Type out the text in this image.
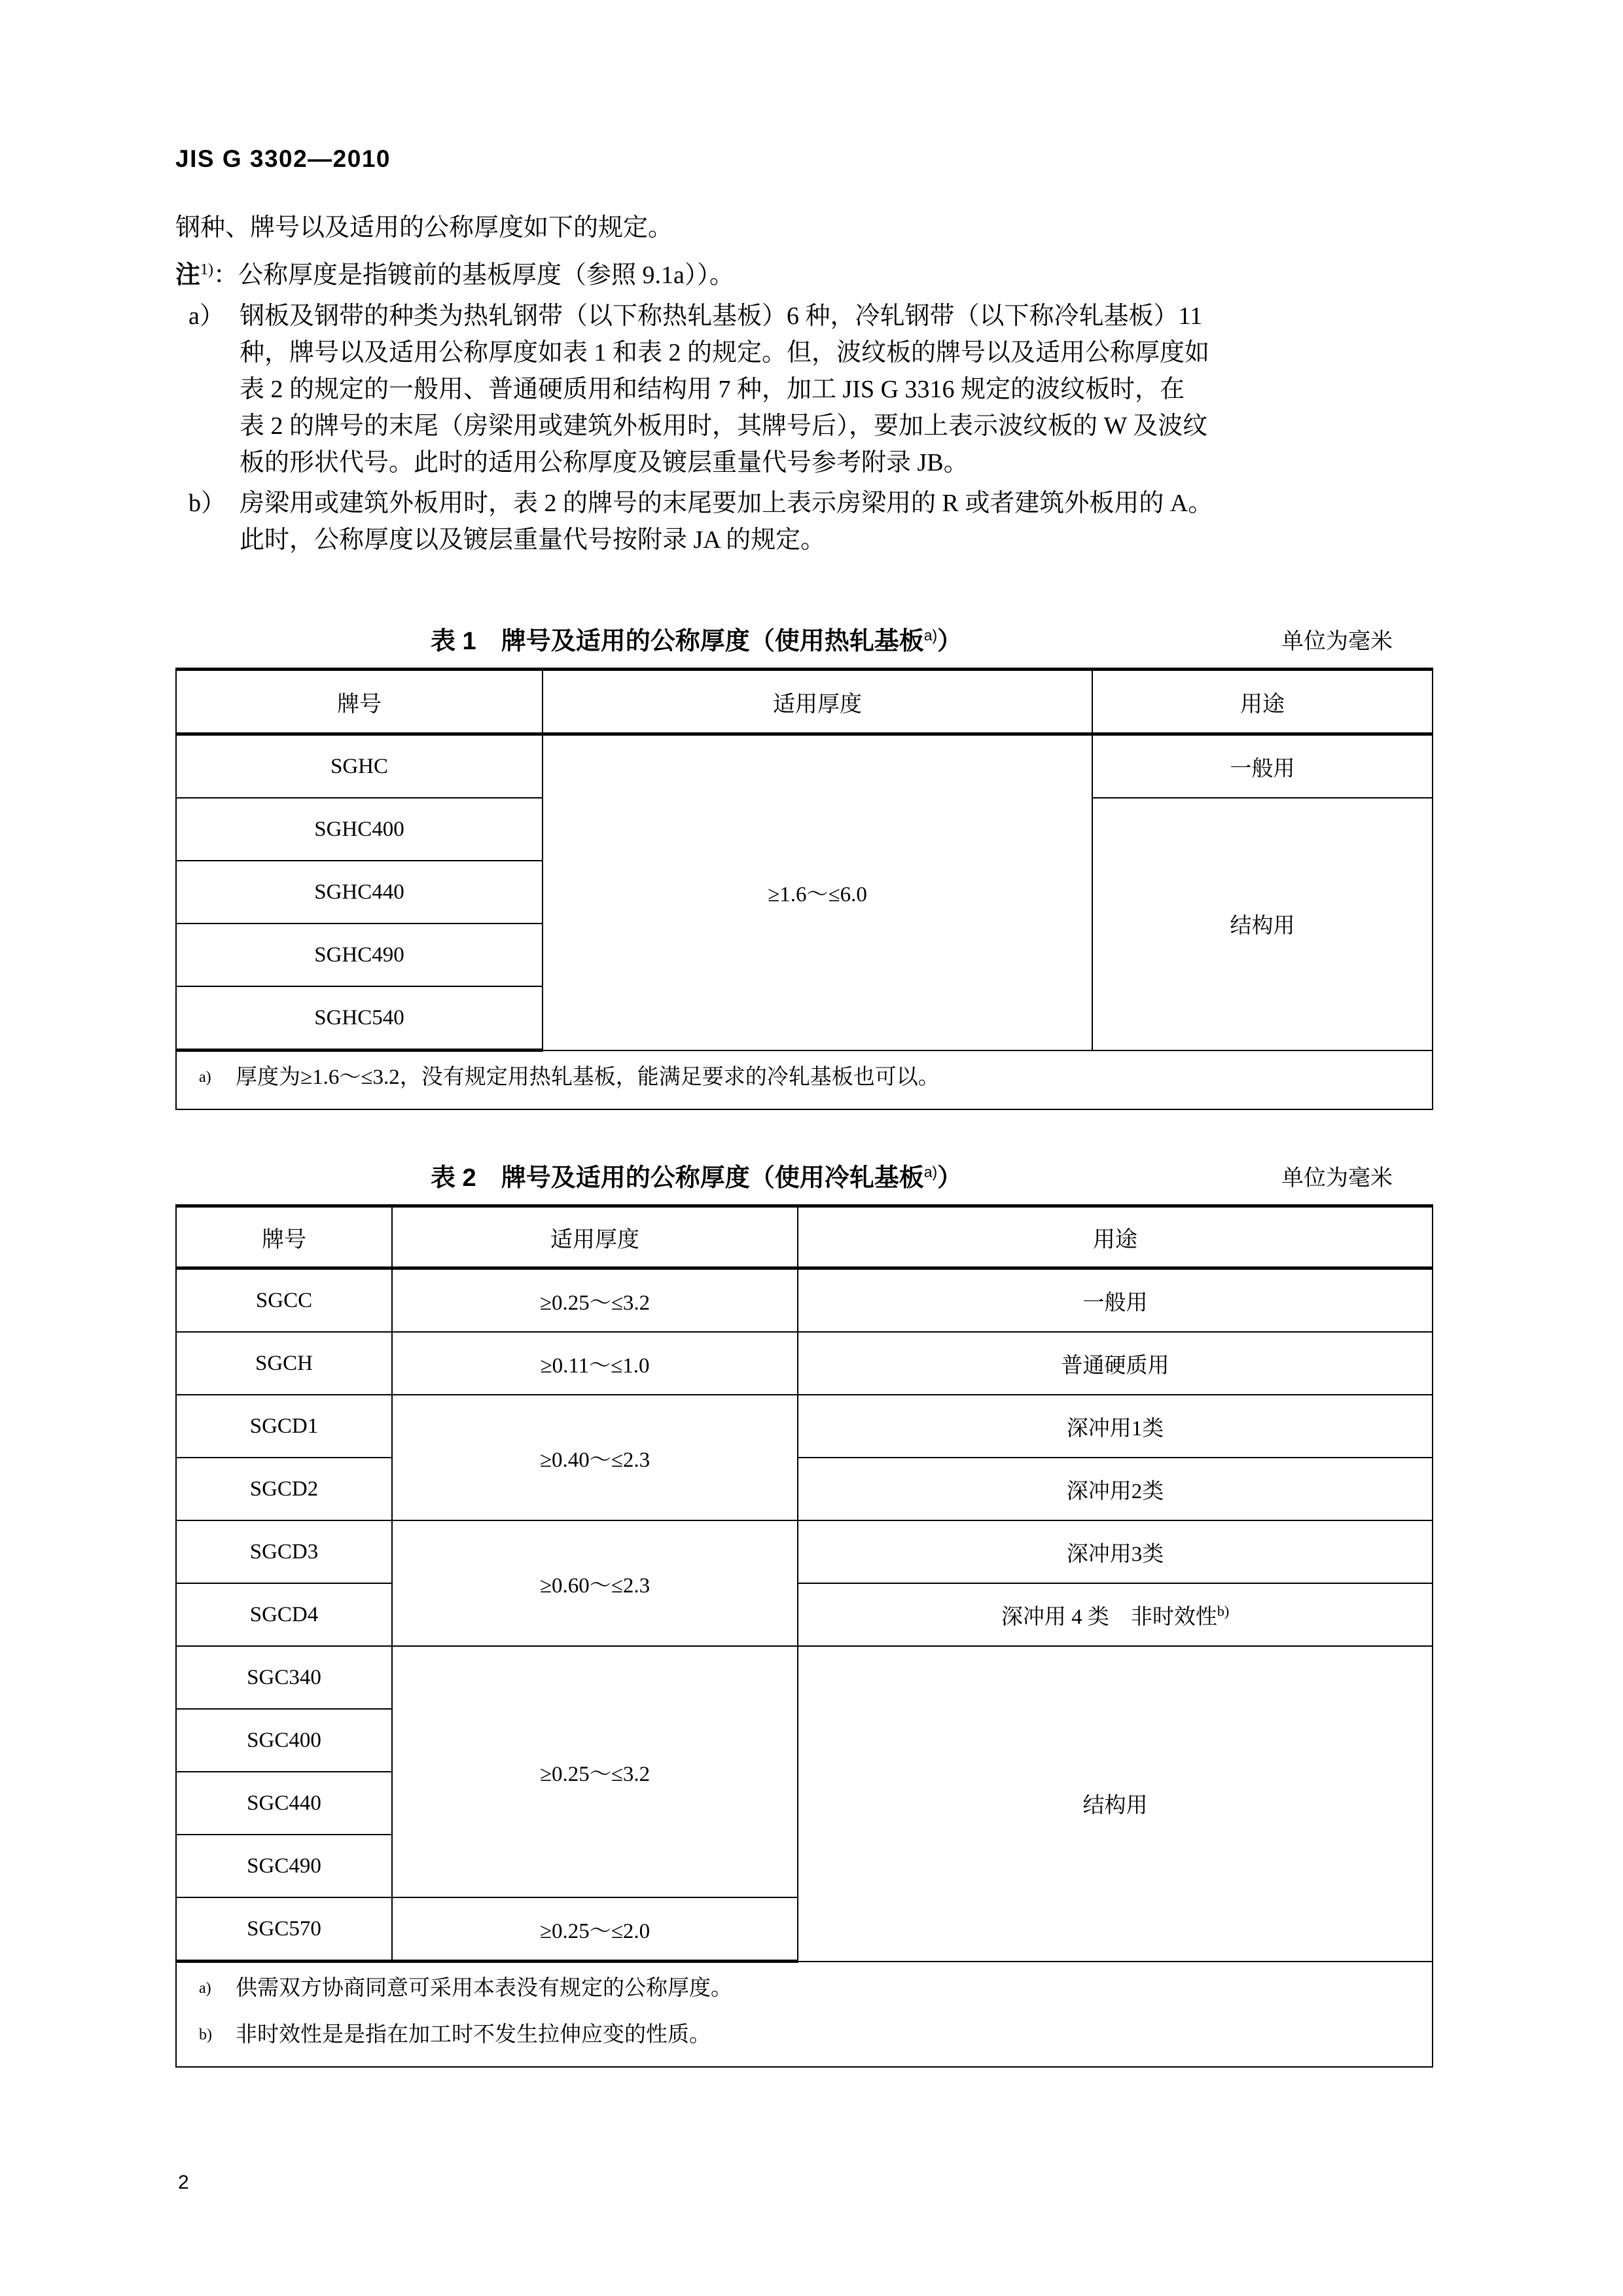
JIS G 3302—2010
钢种、牌号以及适用的公称厚度如下的规定。
注$^{1)}$：公称厚度是指镀前的基板厚度（参照 9.1a））。
a） 钢板及钢带的种类为热轧钢带（以下称热轧基板）6 种，冷轧钢带（以下称冷轧基板）11
种，牌号以及适用公称厚度如表 1 和表 2 的规定。但，波纹板的牌号以及适用公称厚度如
表 2 的规定的一般用、普通硬质用和结构用 7 种，加工 JIS G 3316 规定的波纹板时，在
表 2 的牌号的末尾（房梁用或建筑外板用时，其牌号后），要加上表示波纹板的 W 及波纹
板的形状代号。此时的适用公称厚度及镀层重量代号参考附录 JB。
b） 房梁用或建筑外板用时，表 2 的牌号的末尾要加上表示房梁用的 R 或者建筑外板用的 A。
此时，公称厚度以及镀层重量代号按附录 JA 的规定。
表 1 牌号及适用的公称厚度（使用热轧基板$^{a)}$）	单位为毫米
牌号	适用厚度	用途
SGHC	≥1.6～≤6.0	一般用
SGHC400		结构用
SGHC440		
SGHC490		
SGHC540		
$^{a)}$ 厚度为≥1.6～≤3.2，没有规定用热轧基板，能满足要求的冷轧基板也可以。		
表 2 牌号及适用的公称厚度（使用冷轧基板$^{a)}$）	单位为毫米
牌号	适用厚度	用途
SGCC	≥0.25～≤3.2	一般用
SGCH	≥0.11～≤1.0	普通硬质用
SGCD1	≥0.40～≤2.3	深冲用1类
SGCD2		深冲用2类
SGCD3	≥0.60～≤2.3	深冲用3类
SGCD4		深冲用 4 类　非时效性$^{b)}$
SGC340	≥0.25～≤3.2	结构用
SGC400		
SGC440		
SGC490		
SGC570	≥0.25～≤2.0	
$^{a)}$ 供需双方协商同意可采用本表没有规定的公称厚度。		
$^{b)}$ 非时效性是是指在加工时不发生拉伸应变的性质。		
2
